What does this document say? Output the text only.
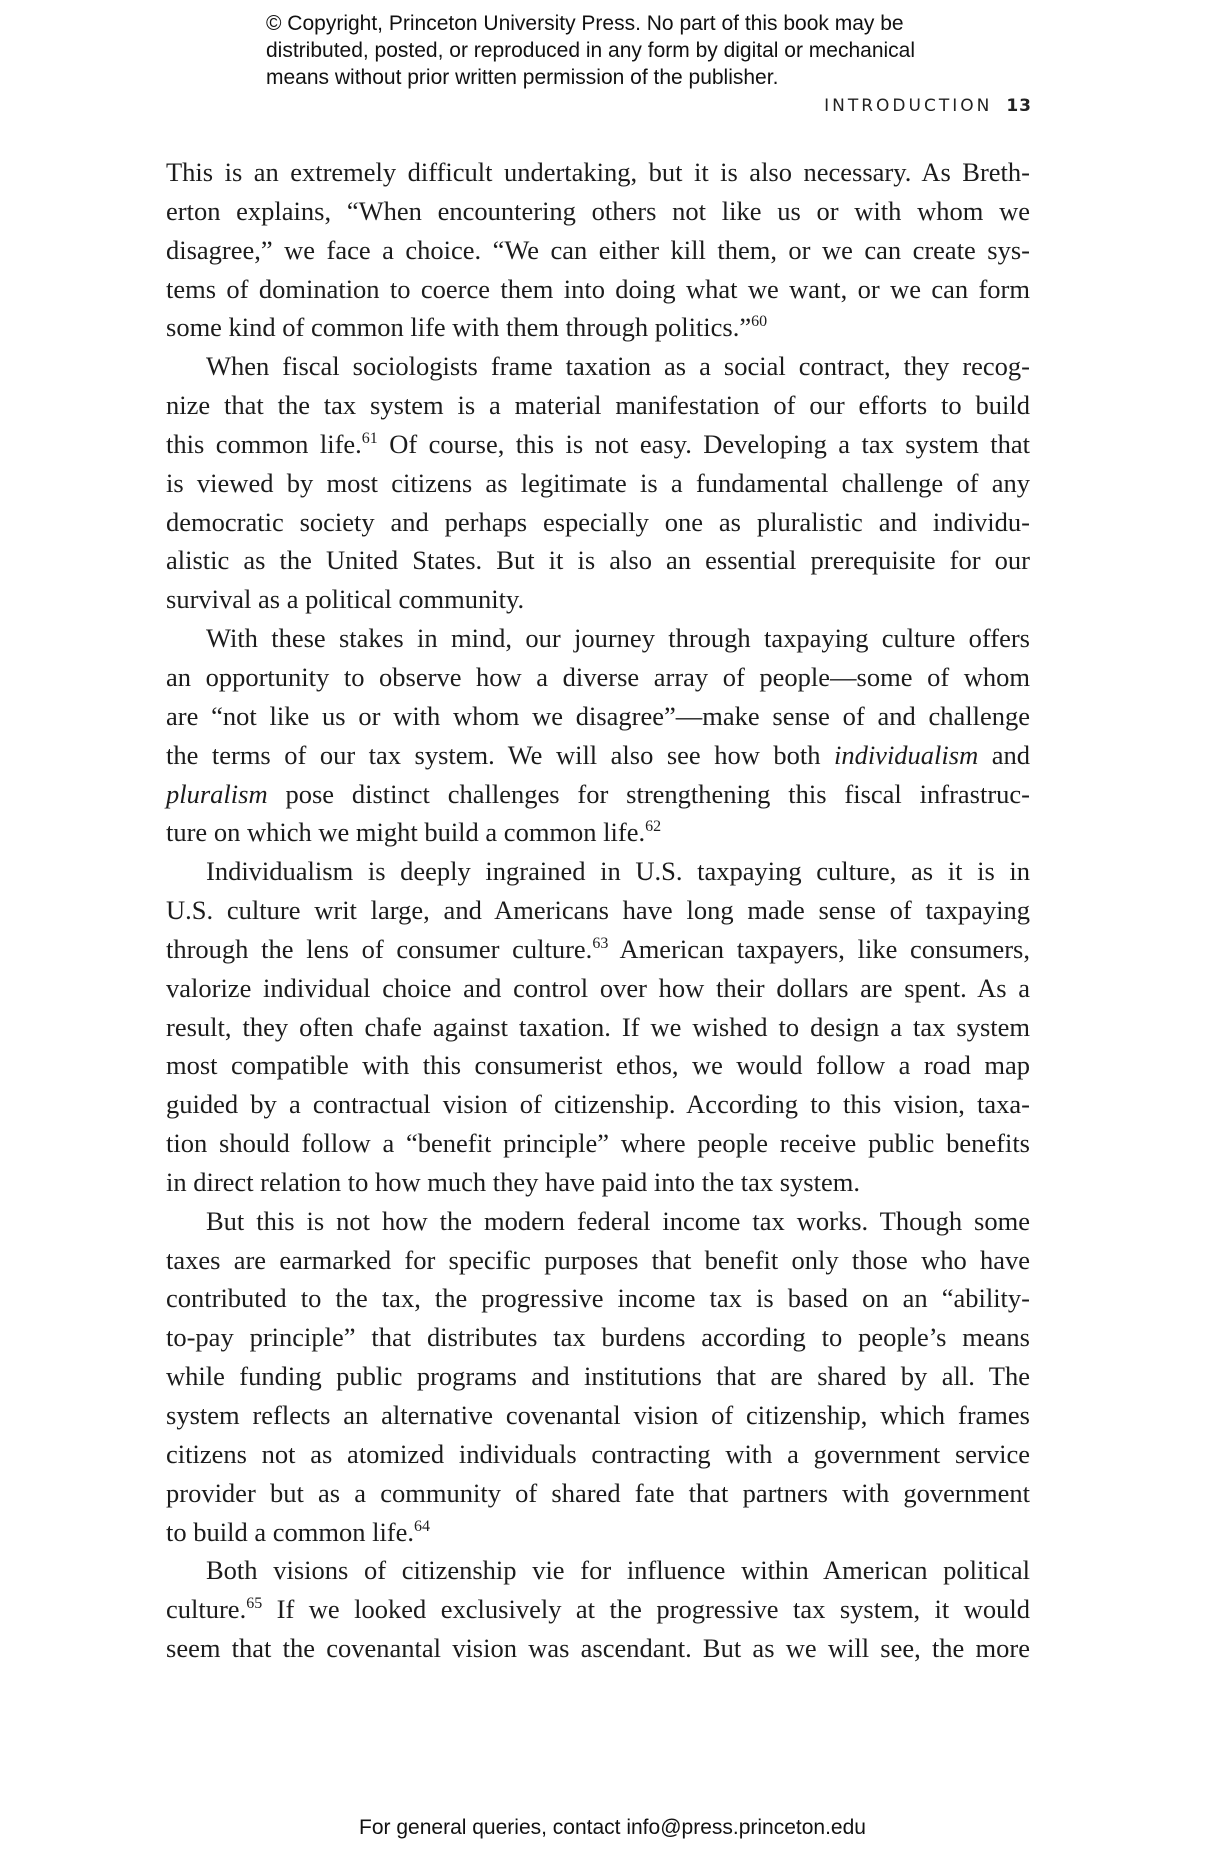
© Copyright, Princeton University Press. No part of this book may be
distributed, posted, or reproduced in any form by digital or mechanical
means without prior written permission of the publisher.
INTRODUCTION 13

This is an extremely difficult undertaking, but it is also necessary. As Breth-
erton explains, “When encountering others not like us or with whom we
disagree,” we face a choice. “We can either kill them, or we can create sys-
tems of domination to coerce them into doing what we want, or we can form
some kind of common life with them through politics.”$^{60}$

When fiscal sociologists frame taxation as a social contract, they recog-
nize that the tax system is a material manifestation of our efforts to build
this common life.$^{61}$ Of course, this is not easy. Developing a tax system that
is viewed by most citizens as legitimate is a fundamental challenge of any
democratic society and perhaps especially one as pluralistic and individu-
alistic as the United States. But it is also an essential prerequisite for our
survival as a political community.

With these stakes in mind, our journey through taxpaying culture offers
an opportunity to observe how a diverse array of people—some of whom
are “not like us or with whom we disagree”—make sense of and challenge
the terms of our tax system. We will also see how both individualism and
pluralism pose distinct challenges for strengthening this fiscal infrastruc-
ture on which we might build a common life.$^{62}$

Individualism is deeply ingrained in U.S. taxpaying culture, as it is in
U.S. culture writ large, and Americans have long made sense of taxpaying
through the lens of consumer culture.$^{63}$ American taxpayers, like consumers,
valorize individual choice and control over how their dollars are spent. As a
result, they often chafe against taxation. If we wished to design a tax system
most compatible with this consumerist ethos, we would follow a road map
guided by a contractual vision of citizenship. According to this vision, taxa-
tion should follow a “benefit principle” where people receive public benefits
in direct relation to how much they have paid into the tax system.

But this is not how the modern federal income tax works. Though some
taxes are earmarked for specific purposes that benefit only those who have
contributed to the tax, the progressive income tax is based on an “ability-
to-pay principle” that distributes tax burdens according to people’s means
while funding public programs and institutions that are shared by all. The
system reflects an alternative covenantal vision of citizenship, which frames
citizens not as atomized individuals contracting with a government service
provider but as a community of shared fate that partners with government
to build a common life.$^{64}$

Both visions of citizenship vie for influence within American political
culture.$^{65}$ If we looked exclusively at the progressive tax system, it would
seem that the covenantal vision was ascendant. But as we will see, the more

For general queries, contact info@press.princeton.edu
